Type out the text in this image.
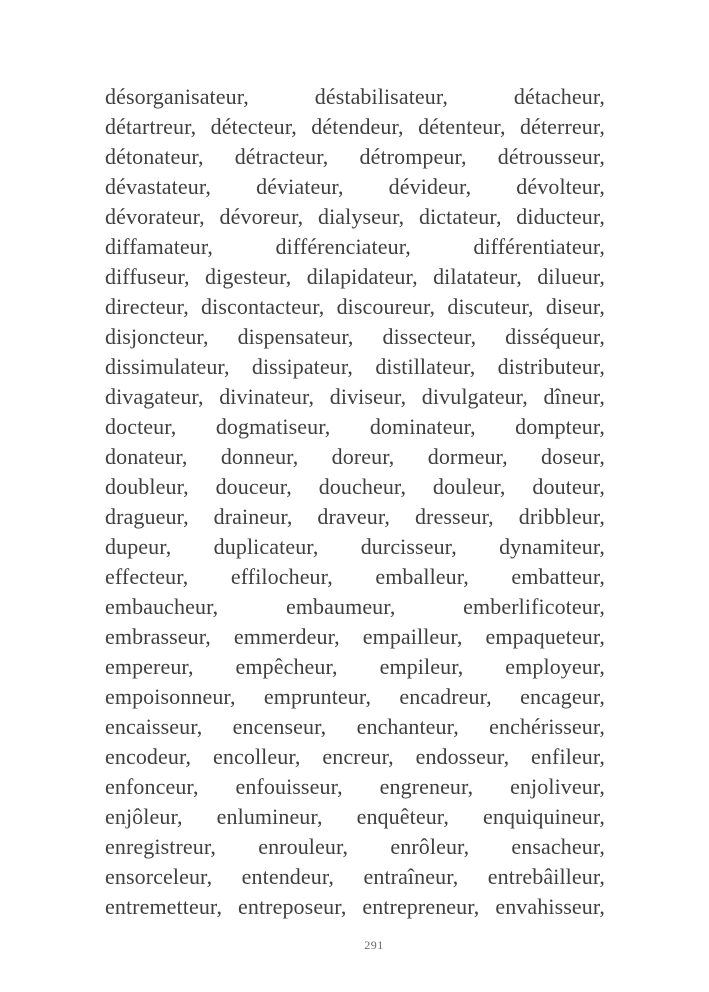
désorganisateur, déstabilisateur, détacheur,
détartreur, détecteur, détendeur, détenteur, déterreur,
détonateur, détracteur, détrompeur, détrousseur,
dévastateur, déviateur, dévideur, dévolteur,
dévorateur, dévoreur, dialyseur, dictateur, diducteur,
diffamateur, différenciateur, différentiateur,
diffuseur, digesteur, dilapidateur, dilatateur, dilueur,
directeur, discontacteur, discoureur, discuteur, diseur,
disjoncteur, dispensateur, dissecteur, disséqueur,
dissimulateur, dissipateur, distillateur, distributeur,
divagateur, divinateur, diviseur, divulgateur, dîneur,
docteur, dogmatiseur, dominateur, dompteur,
donateur, donneur, doreur, dormeur, doseur,
doubleur, douceur, doucheur, douleur, douteur,
dragueur, draineur, draveur, dresseur, dribbleur,
dupeur, duplicateur, durcisseur, dynamiteur,
effecteur, effilocheur, emballeur, embatteur,
embaucheur, embaumeur, emberlificoteur,
embrasseur, emmerdeur, empailleur, empaqueteur,
empereur, empêcheur, empileur, employeur,
empoisonneur, emprunteur, encadreur, encageur,
encaisseur, encenseur, enchanteur, enchérisseur,
encodeur, encolleur, encreur, endosseur, enfileur,
enfonceur, enfouisseur, engreneur, enjoliveur,
enjôleur, enlumineur, enquêteur, enquiquineur,
enregistreur, enrouleur, enrôleur, ensacheur,
ensorceleur, entendeur, entraîneur, entrebâilleur,
entremetteur, entreposeur, entrepreneur, envahisseur,
291
